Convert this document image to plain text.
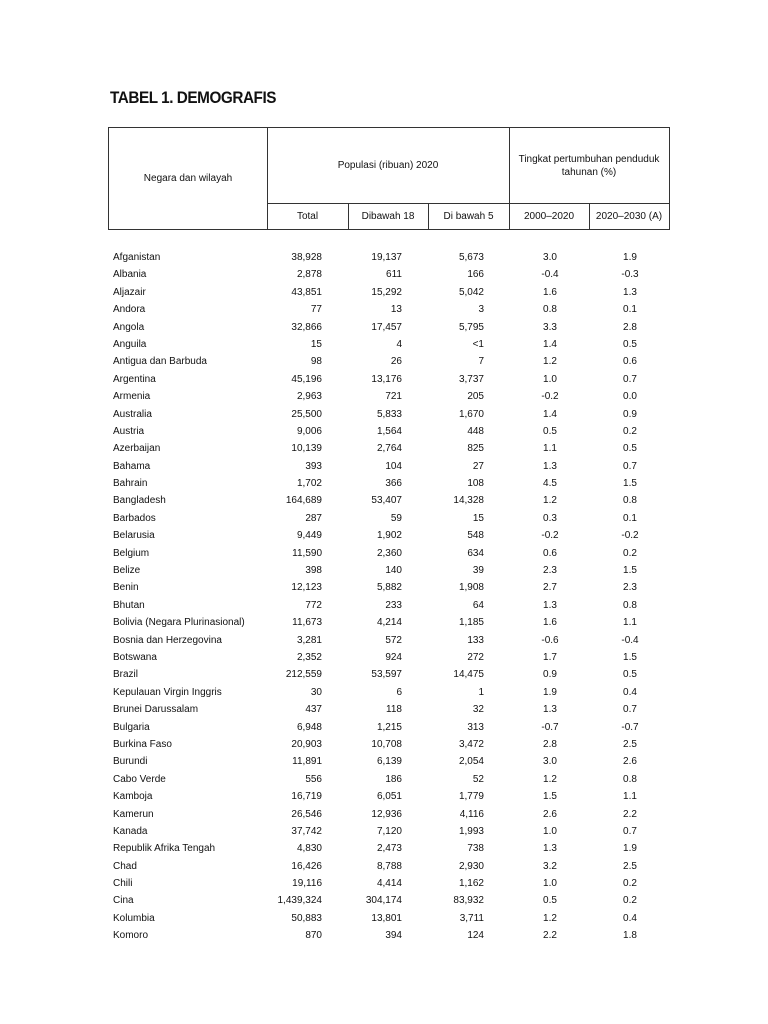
TABEL 1. DEMOGRAFIS
Negara dan wilayah
Populasi (ribuan) 2020
Tingkat pertumbuhan penduduk tahunan (%)
Total	Dibawah 18	Di bawah 5	2000–2020	2020–2030 (A)
Afganistan	38,928	19,137	5,673	3.0	1.9
Albania	2,878	611	166	-0.4	-0.3
Aljazair	43,851	15,292	5,042	1.6	1.3
Andora	77	13	3	0.8	0.1
Angola	32,866	17,457	5,795	3.3	2.8
Anguila	15	4	<1	1.4	0.5
Antigua dan Barbuda	98	26	7	1.2	0.6
Argentina	45,196	13,176	3,737	1.0	0.7
Armenia	2,963	721	205	-0.2	0.0
Australia	25,500	5,833	1,670	1.4	0.9
Austria	9,006	1,564	448	0.5	0.2
Azerbaijan	10,139	2,764	825	1.1	0.5
Bahama	393	104	27	1.3	0.7
Bahrain	1,702	366	108	4.5	1.5
Bangladesh	164,689	53,407	14,328	1.2	0.8
Barbados	287	59	15	0.3	0.1
Belarusia	9,449	1,902	548	-0.2	-0.2
Belgium	11,590	2,360	634	0.6	0.2
Belize	398	140	39	2.3	1.5
Benin	12,123	5,882	1,908	2.7	2.3
Bhutan	772	233	64	1.3	0.8
Bolivia (Negara Plurinasional)	11,673	4,214	1,185	1.6	1.1
Bosnia dan Herzegovina	3,281	572	133	-0.6	-0.4
Botswana	2,352	924	272	1.7	1.5
Brazil	212,559	53,597	14,475	0.9	0.5
Kepulauan Virgin Inggris	30	6	1	1.9	0.4
Brunei Darussalam	437	118	32	1.3	0.7
Bulgaria	6,948	1,215	313	-0.7	-0.7
Burkina Faso	20,903	10,708	3,472	2.8	2.5
Burundi	11,891	6,139	2,054	3.0	2.6
Cabo Verde	556	186	52	1.2	0.8
Kamboja	16,719	6,051	1,779	1.5	1.1
Kamerun	26,546	12,936	4,116	2.6	2.2
Kanada	37,742	7,120	1,993	1.0	0.7
Republik Afrika Tengah	4,830	2,473	738	1.3	1.9
Chad	16,426	8,788	2,930	3.2	2.5
Chili	19,116	4,414	1,162	1.0	0.2
Cina	1,439,324	304,174	83,932	0.5	0.2
Kolumbia	50,883	13,801	3,711	1.2	0.4
Komoro	870	394	124	2.2	1.8
